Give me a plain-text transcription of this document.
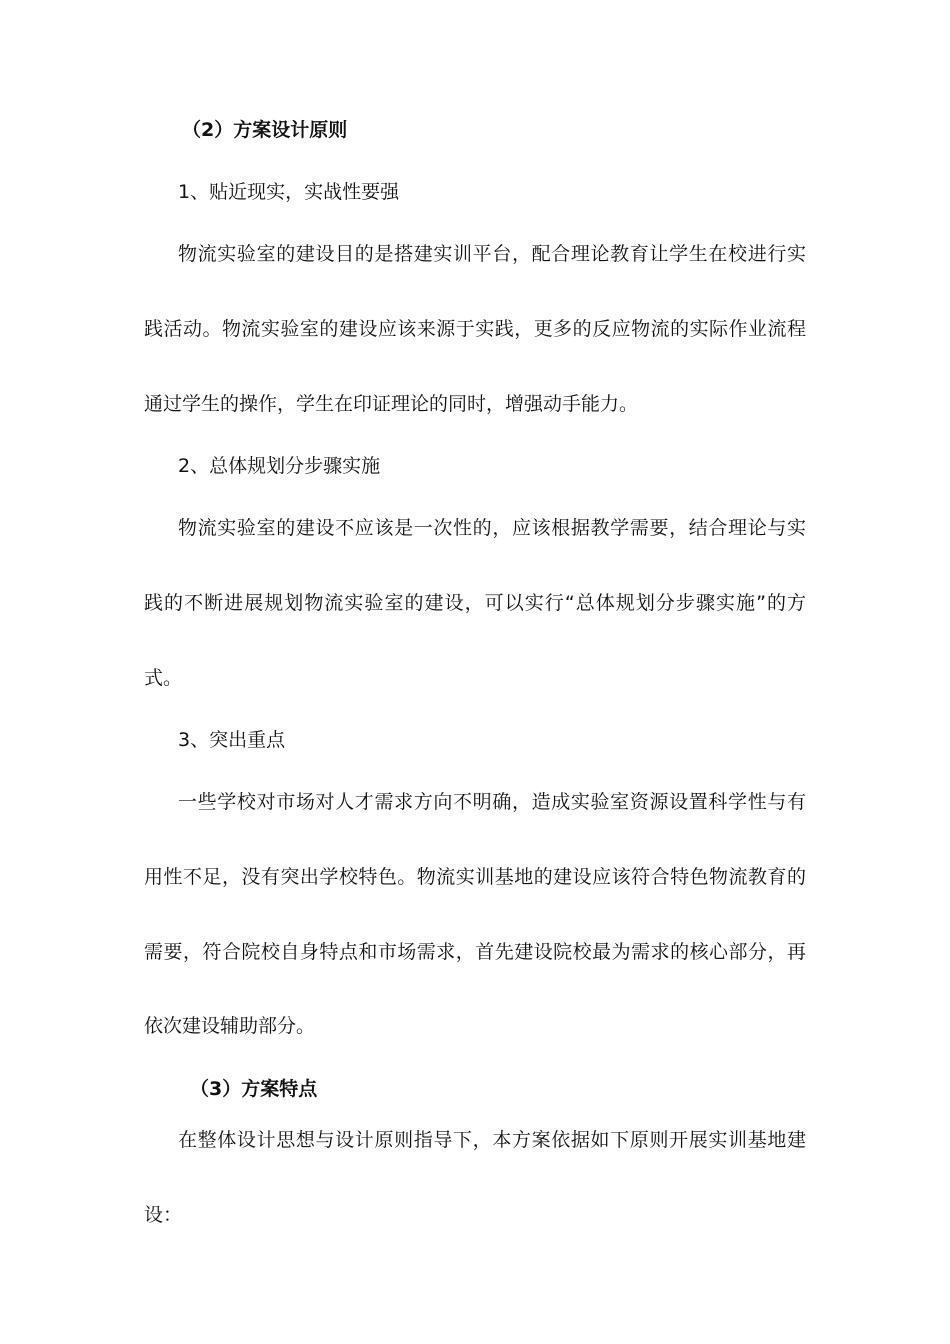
（2）方案设计原则
1、贴近现实，实战性要强
物流实验室的建设目的是搭建实训平台，配合理论教育让学生在校进行实
践活动。物流实验室的建设应该来源于实践，更多的反应物流的实际作业流程
通过学生的操作，学生在印证理论的同时，增强动手能力。
2、总体规划分步骤实施
物流实验室的建设不应该是一次性的，应该根据教学需要，结合理论与实
践的不断进展规划物流实验室的建设，可以实行“总体规划分步骤实施”的方
式。
3、突出重点
一些学校对市场对人才需求方向不明确，造成实验室资源设置科学性与有
用性不足，没有突出学校特色。物流实训基地的建设应该符合特色物流教育的
需要，符合院校自身特点和市场需求，首先建设院校最为需求的核心部分，再
依次建设辅助部分。
（3）方案特点
在整体设计思想与设计原则指导下，本方案依据如下原则开展实训基地建
设：
